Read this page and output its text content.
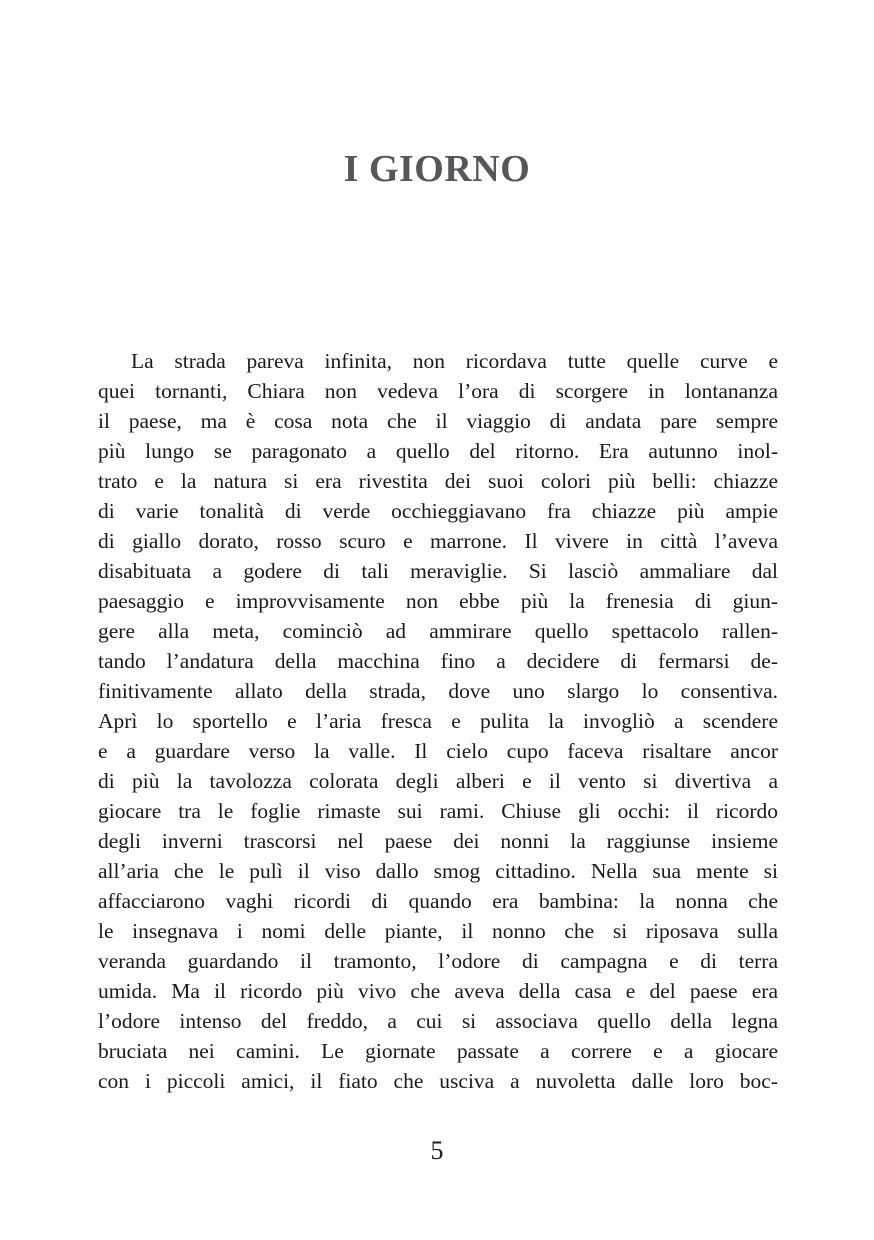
I GIORNO
La strada pareva infinita, non ricordava tutte quelle curve e
quei tornanti, Chiara non vedeva l’ora di scorgere in lontananza
il paese, ma è cosa nota che il viaggio di andata pare sempre
più lungo se paragonato a quello del ritorno. Era autunno inol-
trato e la natura si era rivestita dei suoi colori più belli: chiazze
di varie tonalità di verde occhieggiavano fra chiazze più ampie
di giallo dorato, rosso scuro e marrone. Il vivere in città l’aveva
disabituata a godere di tali meraviglie. Si lasciò ammaliare dal
paesaggio e improvvisamente non ebbe più la frenesia di giun-
gere alla meta, cominciò ad ammirare quello spettacolo rallen-
tando l’andatura della macchina fino a decidere di fermarsi de-
finitivamente allato della strada, dove uno slargo lo consentiva.
Aprì lo sportello e l’aria fresca e pulita la invogliò a scendere
e a guardare verso la valle. Il cielo cupo faceva risaltare ancor
di più la tavolozza colorata degli alberi e il vento si divertiva a
giocare tra le foglie rimaste sui rami. Chiuse gli occhi: il ricordo
degli inverni trascorsi nel paese dei nonni la raggiunse insieme
all’aria che le pulì il viso dallo smog cittadino. Nella sua mente si
affacciarono vaghi ricordi di quando era bambina: la nonna che
le insegnava i nomi delle piante, il nonno che si riposava sulla
veranda guardando il tramonto, l’odore di campagna e di terra
umida. Ma il ricordo più vivo che aveva della casa e del paese era
l’odore intenso del freddo, a cui si associava quello della legna
bruciata nei camini. Le giornate passate a correre e a giocare
con i piccoli amici, il fiato che usciva a nuvoletta dalle loro boc-
5
